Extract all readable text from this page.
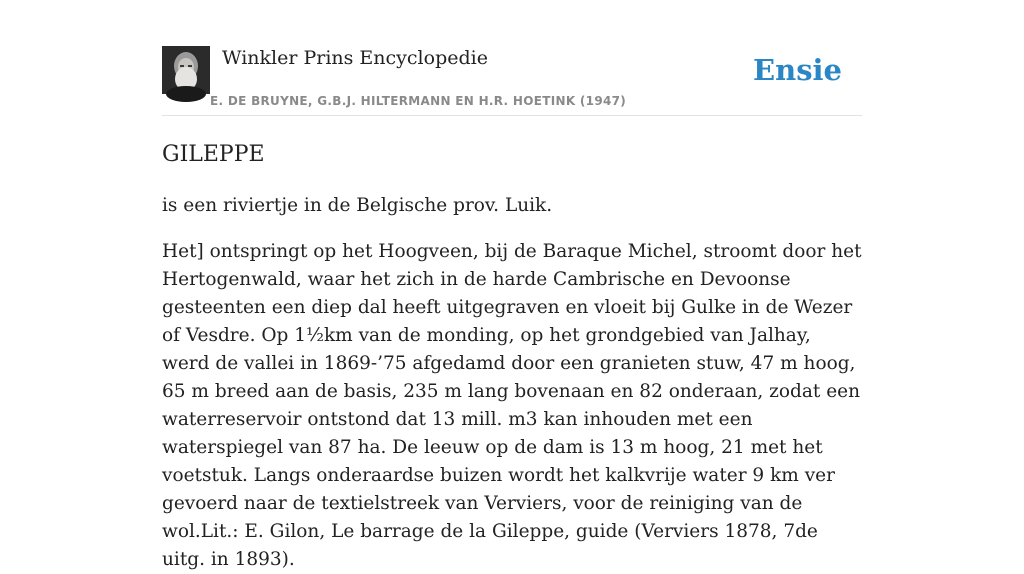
Winkler Prins Encyclopedie
E. DE BRUYNE, G.B.J. HILTERMANN EN H.R. HOETINK (1947)
Ensie
GILEPPE

is een riviertje in de Belgische prov. Luik.

Het] ontspringt op het Hoogveen, bij de Baraque Michel, stroomt door het Hertogenwald, waar het zich in de harde Cambrische en Devoonse gesteenten een diep dal heeft uitgegraven en vloeit bij Gulke in de Wezer of Vesdre. Op 1½km van de monding, op het grondgebied van Jalhay, werd de vallei in 1869-’75 afgedamd door een granieten stuw, 47 m hoog, 65 m breed aan de basis, 235 m lang bovenaan en 82 onderaan, zodat een waterreservoir ontstond dat 13 mill. m3 kan inhouden met een waterspiegel van 87 ha. De leeuw op de dam is 13 m hoog, 21 met het voetstuk. Langs onderaardse buizen wordt het kalkvrije water 9 km ver gevoerd naar de textielstreek van Verviers, voor de reiniging van de wol.Lit.: E. Gilon, Le barrage de la Gileppe, guide (Verviers 1878, 7de uitg. in 1893).
